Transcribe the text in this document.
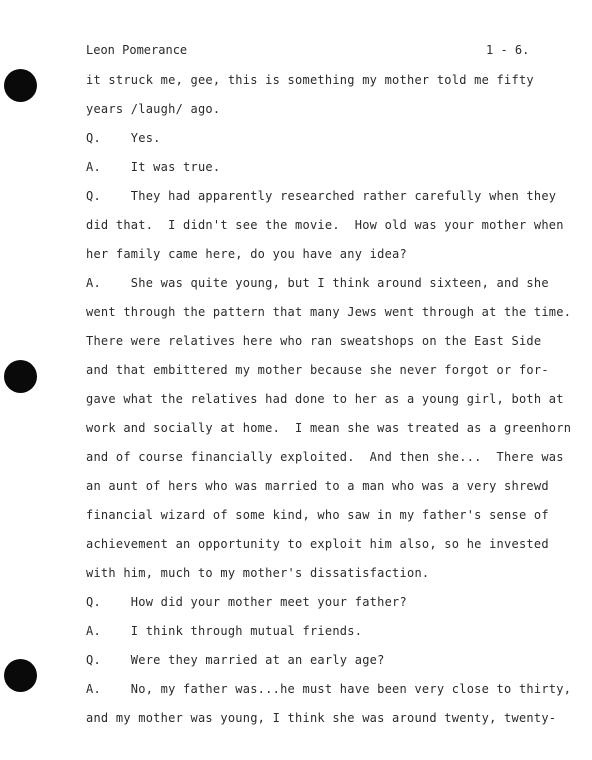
Leon Pomerance	1 - 6.
it struck me, gee, this is something my mother told me fifty
years /laugh/ ago.
Q.    Yes.
A.    It was true.
Q.    They had apparently researched rather carefully when they
did that.  I didn't see the movie.  How old was your mother when
her family came here, do you have any idea?
A.    She was quite young, but I think around sixteen, and she
went through the pattern that many Jews went through at the time.
There were relatives here who ran sweatshops on the East Side
and that embittered my mother because she never forgot or for-
gave what the relatives had done to her as a young girl, both at
work and socially at home.  I mean she was treated as a greenhorn
and of course financially exploited.  And then she...  There was
an aunt of hers who was married to a man who was a very shrewd
financial wizard of some kind, who saw in my father's sense of
achievement an opportunity to exploit him also, so he invested
with him, much to my mother's dissatisfaction.
Q.    How did your mother meet your father?
A.    I think through mutual friends.
Q.    Were they married at an early age?
A.    No, my father was...he must have been very close to thirty,
and my mother was young, I think she was around twenty, twenty-
